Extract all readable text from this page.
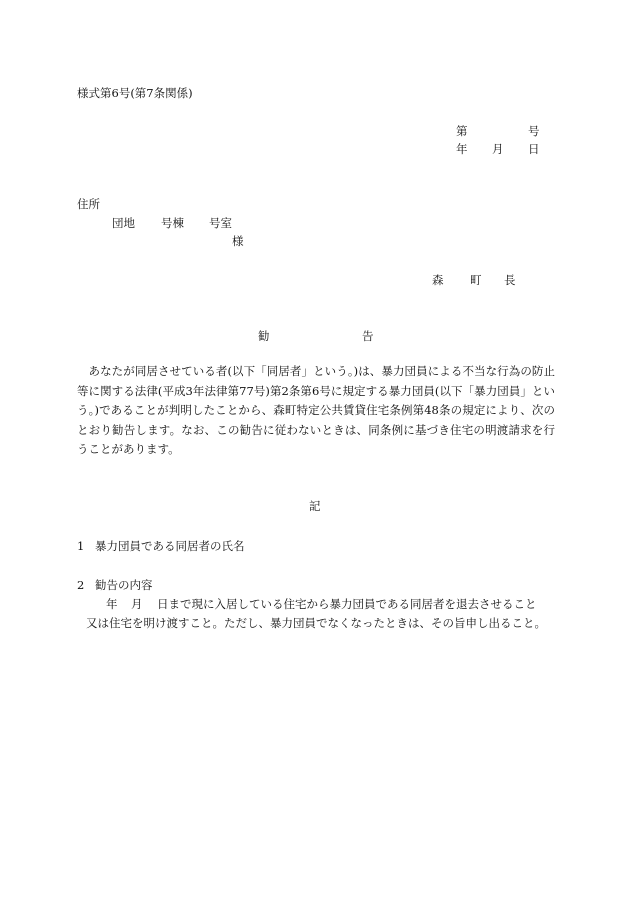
様式第6号(第7条関係)
第	号
年 月 日
住所
団地 号棟 号室
様
森 町 長
勧	告
あなたが同居させている者(以下「同居者」という。)は、暴力団員による不当な行為の防止等に関する法律(平成3年法律第77号)第2条第6号に規定する暴力団員(以下「暴力団員」という。)であることが判明したことから、森町特定公共賃貸住宅条例第48条の規定により、次のとおり勧告します。なお、この勧告に従わないときは、同条例に基づき住宅の明渡請求を行うことがあります。
記
1 暴力団員である同居者の氏名
2 勧告の内容
年 月 日まで現に入居している住宅から暴力団員である同居者を退去させること
又は住宅を明け渡すこと。ただし、暴力団員でなくなったときは、その旨申し出ること。
